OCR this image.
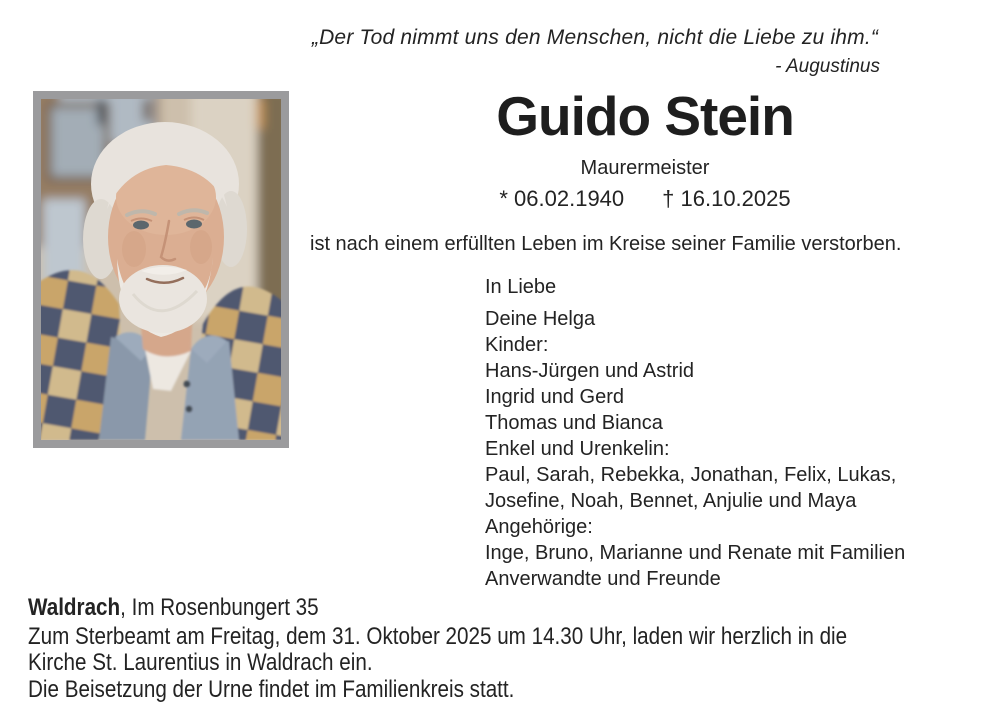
„Der Tod nimmt uns den Menschen, nicht die Liebe zu ihm.“
- Augustinus
Guido Stein
Maurermeister
* 06.02.1940 † 16.10.2025
ist nach einem erfüllten Leben im Kreise seiner Familie verstorben.
In Liebe
Deine Helga
Kinder:
Hans-Jürgen und Astrid
Ingrid und Gerd
Thomas und Bianca
Enkel und Urenkelin:
Paul, Sarah, Rebekka, Jonathan, Felix, Lukas,
Josefine, Noah, Bennet, Anjulie und Maya
Angehörige:
Inge, Bruno, Marianne und Renate mit Familien
Anverwandte und Freunde
Waldrach, Im Rosenbungert 35
Zum Sterbeamt am Freitag, dem 31. Oktober 2025 um 14.30 Uhr, laden wir herzlich in die
Kirche St. Laurentius in Waldrach ein.
Die Beisetzung der Urne findet im Familienkreis statt.
